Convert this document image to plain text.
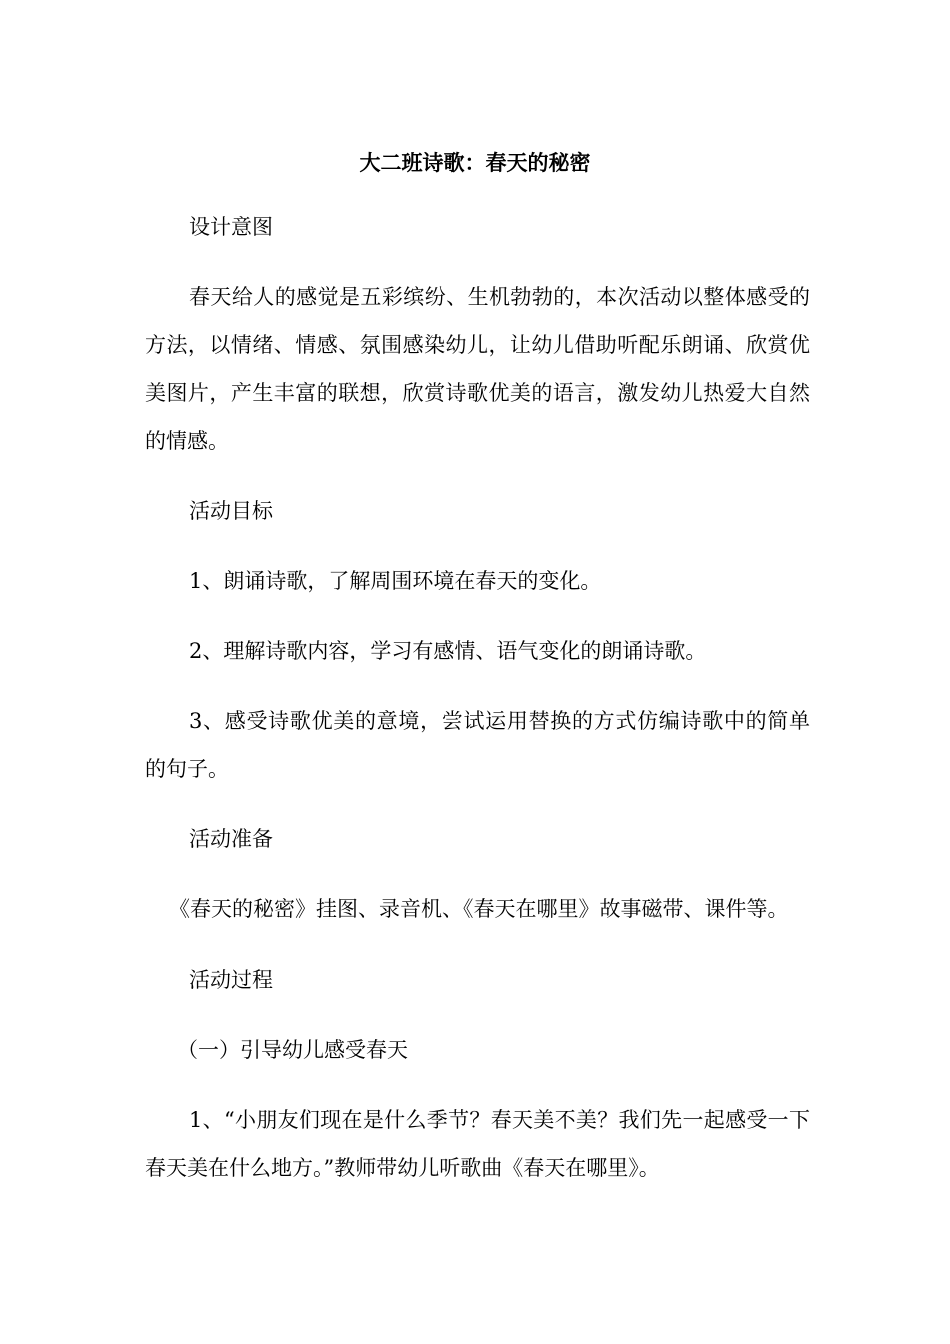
大二班诗歌：春天的秘密

设计意图

春天给人的感觉是五彩缤纷、生机勃勃的，本次活动以整体感受的方法，以情绪、情感、氛围感染幼儿，让幼儿借助听配乐朗诵、欣赏优美图片，产生丰富的联想，欣赏诗歌优美的语言，激发幼儿热爱大自然的情感。

活动目标

1、朗诵诗歌，了解周围环境在春天的变化。

2、理解诗歌内容，学习有感情、语气变化的朗诵诗歌。

3、感受诗歌优美的意境，尝试运用替换的方式仿编诗歌中的简单的句子。

活动准备

《春天的秘密》挂图、录音机、《春天在哪里》故事磁带、课件等。

活动过程

（一）引导幼儿感受春天

1、“小朋友们现在是什么季节？春天美不美？我们先一起感受一下春天美在什么地方。”教师带幼儿听歌曲《春天在哪里》。
